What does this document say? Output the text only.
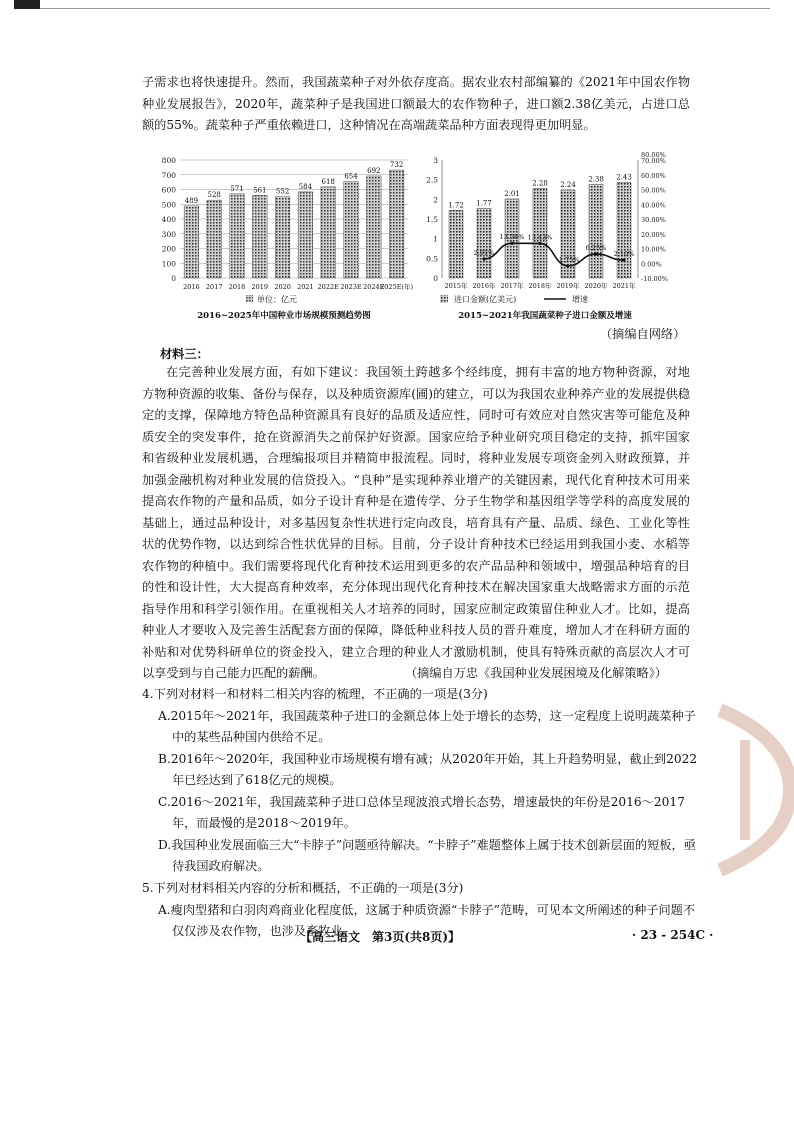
子需求也将快速提升。然而，我国蔬菜种子对外依存度高。据农业农村部编纂的《2021年中国农作物种业发展报告》，2020年，蔬菜种子是我国进口额最大的农作物种子，进口额2.38亿美元，占进口总额的55%。蔬菜种子严重依赖进口，这种情况在高端蔬菜品种方面表现得更加明显。

0
100
200
300
400
500
600
700
800
489
2016
528
2017
571
2018
561
2019
552
2020
584
2021
618
2022E
654
2023E
692
2024E
732
2025E(年)
单位：亿元
2016~2025年中国种业市场规模预测趋势图
0
0.5
1
1.5
2
2.5
3
-10.00%
0.00%
10.00%
20.00%
30.00%
40.00%
50.00%
60.00%
70.00%
80.00%
1.72
2015年
1.77
2016年
2.01
2017年
2.28
2018年
2.24
2019年
2.38
2020年
2.43
2021年
2.91%
13.56% 13.43%
-1.75%
6.25%
2.10%
进口金额(亿美元)	增速
2015~2021年我国蔬菜种子进口金额及增速
（摘编自网络）
材料三：

在完善种业发展方面，有如下建议：我国领土跨越多个经纬度，拥有丰富的地方物种资源，对地方物种资源的收集、备份与保存，以及种质资源库(圃)的建立，可以为我国农业种养产业的发展提供稳定的支撑，保障地方特色品种资源具有良好的品质及适应性，同时可有效应对自然灾害等可能危及种质安全的突发事件，抢在资源消失之前保护好资源。国家应给予种业研究项目稳定的支持，抓牢国家和省级种业发展机遇，合理编报项目并精简申报流程。同时，将种业发展专项资金列入财政预算，并加强金融机构对种业发展的信贷投入。“良种”是实现种养业增产的关键因素，现代化育种技术可用来提高农作物的产量和品质，如分子设计育种是在遗传学、分子生物学和基因组学等学科的高度发展的基础上，通过品种设计，对多基因复杂性状进行定向改良，培育具有产量、品质、绿色、工业化等性状的优势作物，以达到综合性状优异的目标。目前，分子设计育种技术已经运用到我国小麦、水稻等农作物的种植中。我们需要将现代化育种技术运用到更多的农产品品种和领域中，增强品种培育的目的性和设计性，大大提高育种效率，充分体现出现代化育种技术在解决国家重大战略需求方面的示范指导作用和科学引领作用。在重视相关人才培养的同时，国家应制定政策留住种业人才。比如，提高种业人才要收入及完善生活配套方面的保障，降低种业科技人员的晋升难度，增加人才在科研方面的补贴和对优势科研单位的资金投入，建立合理的种业人才激励机制，使具有特殊贡献的高层次人才可以享受到与自己能力匹配的薪酬。	（摘编自万忠《我国种业发展困境及化解策略》）

4.下列对材料一和材料二相关内容的梳理，不正确的一项是(3分)

A.2015年～2021年，我国蔬菜种子进口的金额总体上处于增长的态势，这一定程度上说明蔬菜种子中的某些品种国内供给不足。

B.2016年～2020年，我国种业市场规模有增有减；从2020年开始，其上升趋势明显，截止到2022年已经达到了618亿元的规模。

C.2016～2021年，我国蔬菜种子进口总体呈现波浪式增长态势，增速最快的年份是2016～2017年，而最慢的是2018～2019年。

D.我国种业发展面临三大“卡脖子”问题亟待解决。“卡脖子”难题整体上属于技术创新层面的短板，亟待我国政府解决。

5.下列对材料相关内容的分析和概括，不正确的一项是(3分)

A.瘦肉型猪和白羽肉鸡商业化程度低，这属于种质资源“卡脖子”范畴，可见本文所阐述的种子问题不仅仅涉及农作物，也涉及畜牧业。

【高三语文　第3页(共8页)】	· 23 - 254C ·
